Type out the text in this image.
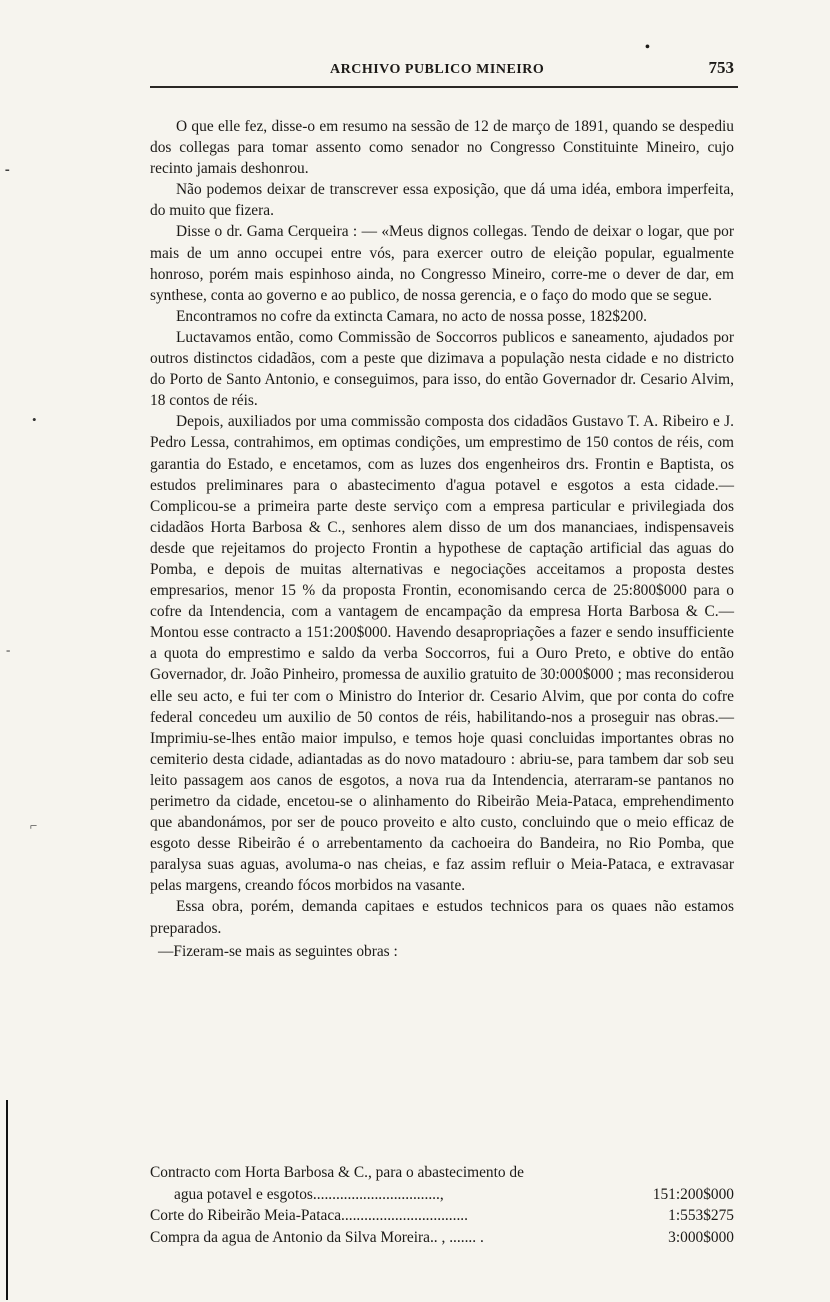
•
ARCHIVO PUBLICO MINEIRO	753

O que elle fez, disse-o em resumo na sessão de 12 de março de 1891, quando se despediu dos collegas para tomar assento como senador no Congresso Constituinte Mineiro, cujo recinto jamais deshonrou.

Não podemos deixar de transcrever essa exposição, que dá uma idéa, embora imperfeita, do muito que fizera.

Disse o dr. Gama Cerqueira : — «Meus dignos collegas. Tendo de deixar o logar, que por mais de um anno occupei entre vós, para exercer outro de eleição popular, egualmente honroso, porém mais espinhoso ainda, no Congresso Mineiro, corre-me o dever de dar, em synthese, conta ao governo e ao publico, de nossa gerencia, e o faço do modo que se segue.

Encontramos no cofre da extincta Camara, no acto de nossa posse, 182$200.

Luctavamos então, como Commissão de Soccorros publicos e saneamento, ajudados por outros distinctos cidadãos, com a peste que dizimava a população nesta cidade e no districto do Porto de Santo Antonio, e conseguimos, para isso, do então Governador dr. Cesario Alvim, 18 contos de réis.

Depois, auxiliados por uma commissão composta dos cidadãos Gustavo T. A. Ribeiro e J. Pedro Lessa, contrahimos, em optimas condições, um emprestimo de 150 contos de réis, com garantia do Estado, e encetamos, com as luzes dos engenheiros drs. Frontin e Baptista, os estudos preliminares para o abastecimento d'agua potavel e esgotos a esta cidade.—Complicou-se a primeira parte deste serviço com a empresa particular e privilegiada dos cidadãos Horta Barbosa & C., senhores alem disso de um dos mananciaes, indispensaveis desde que rejeitamos do projecto Frontin a hypothese de captação artificial das aguas do Pomba, e depois de muitas alternativas e negociações acceitamos a proposta destes empresarios, menor 15 % da proposta Frontin, economisando cerca de 25:800$000 para o cofre da Intendencia, com a vantagem de encampação da empresa Horta Barbosa & C.—Montou esse contracto a 151:200$000. Havendo desapropriações a fazer e sendo insufficiente a quota do emprestimo e saldo da verba Soccorros, fui a Ouro Preto, e obtive do então Governador, dr. João Pinheiro, promessa de auxilio gratuito de 30:000$000 ; mas reconsiderou elle seu acto, e fui ter com o Ministro do Interior dr. Cesario Alvim, que por conta do cofre federal concedeu um auxilio de 50 contos de réis, habilitando-nos a proseguir nas obras.—Imprimiu-se-lhes então maior impulso, e temos hoje quasi concluidas importantes obras no cemiterio desta cidade, adiantadas as do novo matadouro : abriu-se, para tambem dar sob seu leito passagem aos canos de esgotos, a nova rua da Intendencia, aterraram-se pantanos no perimetro da cidade, encetou-se o alinhamento do Ribeirão Meia-Pataca, emprehendimento que abandonámos, por ser de pouco proveito e alto custo, concluindo que o meio efficaz de esgoto desse Ribeirão é o arrebentamento da cachoeira do Bandeira, no Rio Pomba, que paralysa suas aguas, avoluma-o nas cheias, e faz assim refluir o Meia-Pataca, e extravasar pelas margens, creando fócos morbidos na vasante.

Essa obra, porém, demanda capitaes e estudos technicos para os quaes não estamos preparados.

—Fizeram-se mais as seguintes obras :

Contracto com Horta Barbosa & C., para o abastecimento de
agua potavel e esgotos.................................,	151:200$000
Corte do Ribeirão Meia-Pataca.................................	1:553$275
Compra da agua de Antonio da Silva Moreira.. , ....... .	3:000$000
⁃
•
-
⌐
